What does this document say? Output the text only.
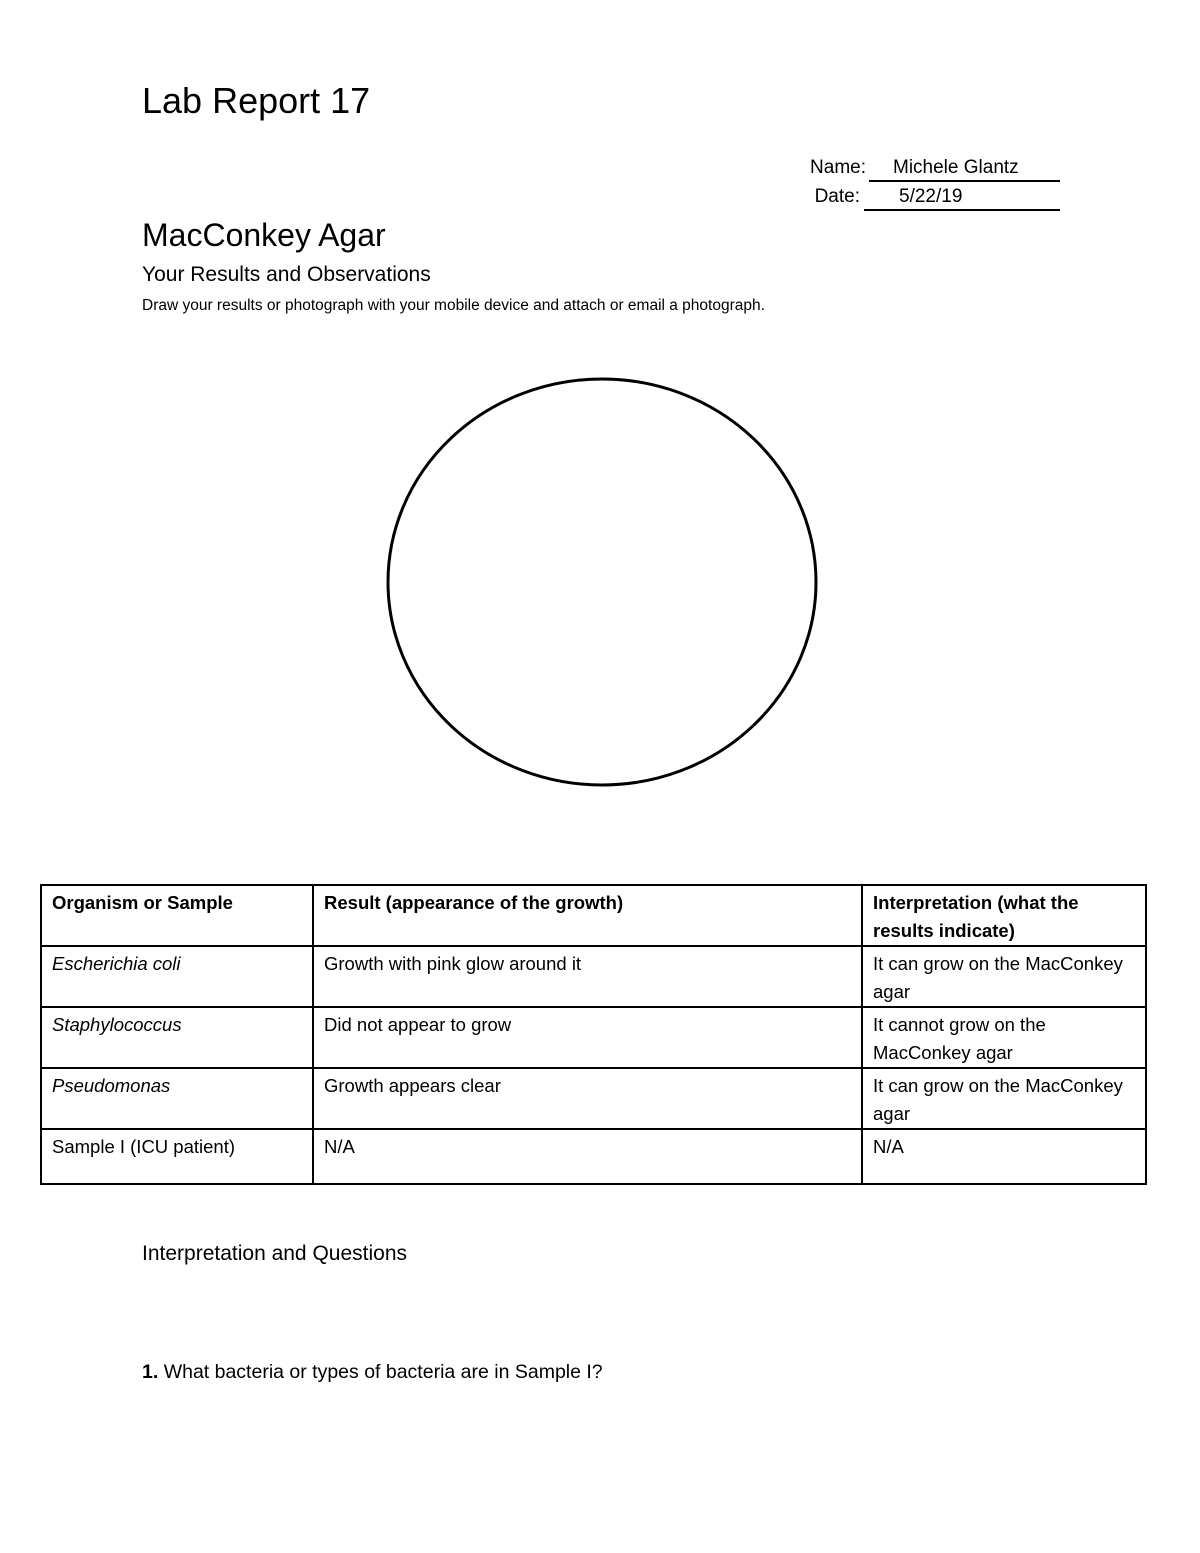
Lab Report 17
Name: Michele Glantz
Date: 5/22/19
MacConkey Agar
Your Results and Observations
Draw your results or photograph with your mobile device and attach or email a photograph.
Organism or Sample	Result (appearance of the growth)	Interpretation (what the results indicate)
Escherichia coli	Growth with pink glow around it	It can grow on the MacConkey agar
Staphylococcus	Did not appear to grow	It cannot grow on the MacConkey agar
Pseudomonas	Growth appears clear	It can grow on the MacConkey agar
Sample I (ICU patient)	N/A	N/A
Interpretation and Questions
1. What bacteria or types of bacteria are in Sample I?
